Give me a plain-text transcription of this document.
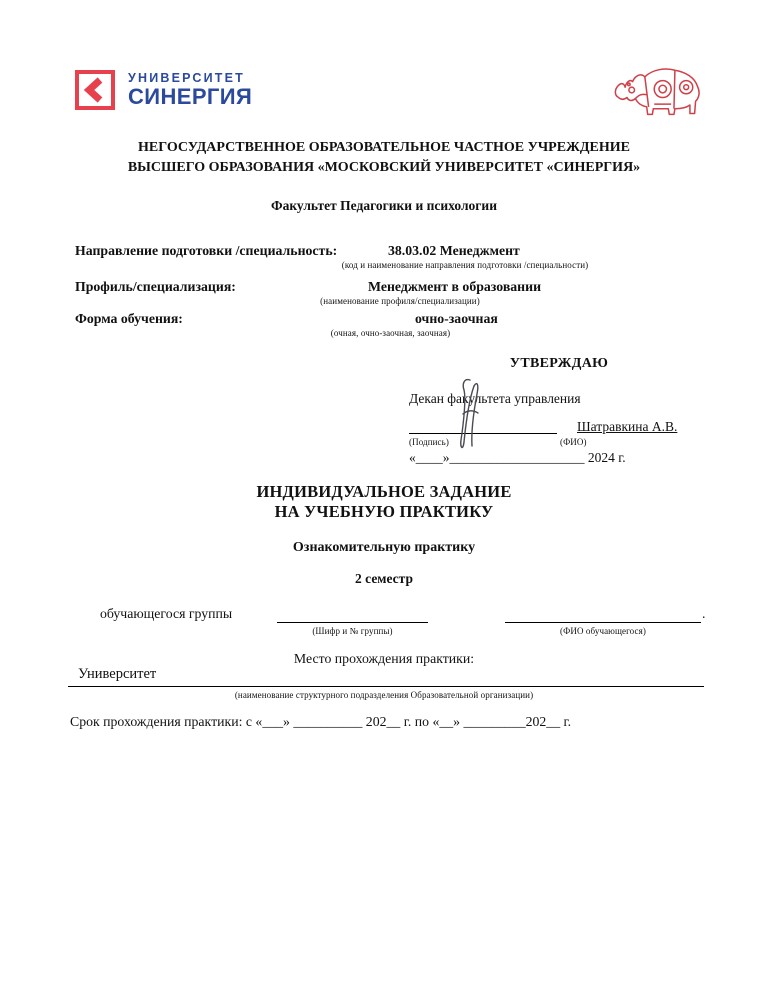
УНИВЕРСИТЕТ
СИНЕРГИЯ
НЕГОСУДАРСТВЕННОЕ ОБРАЗОВАТЕЛЬНОЕ ЧАСТНОЕ УЧРЕЖДЕНИЕ
ВЫСШЕГО ОБРАЗОВАНИЯ «МОСКОВСКИЙ УНИВЕРСИТЕТ «СИНЕРГИЯ»
Факультет Педагогики и психологии
Направление подготовки /специальность:	38.03.02 Менеджмент
(код и наименование направления подготовки /специальности)
Профиль/специализация:	Менеджмент в образовании
(наименование профиля/специализации)
Форма обучения:	очно-заочная
(очная, очно-заочная, заочная)
УТВЕРЖДАЮ
Декан факультета управления
Шатравкина А.В.
(Подпись)	(ФИО)
«____»____________________ 2024 г.
ИНДИВИДУАЛЬНОЕ ЗАДАНИЕ
НА УЧЕБНУЮ ПРАКТИКУ
Ознакомительную практику
2 семестр
обучающегося группы	.
(Шифр и № группы)	(ФИО обучающегося)
Место прохождения практики:
Университет
(наименование структурного подразделения Образовательной организации)
Срок прохождения практики: с «___» __________ 202__ г. по «__» _________202__ г.
